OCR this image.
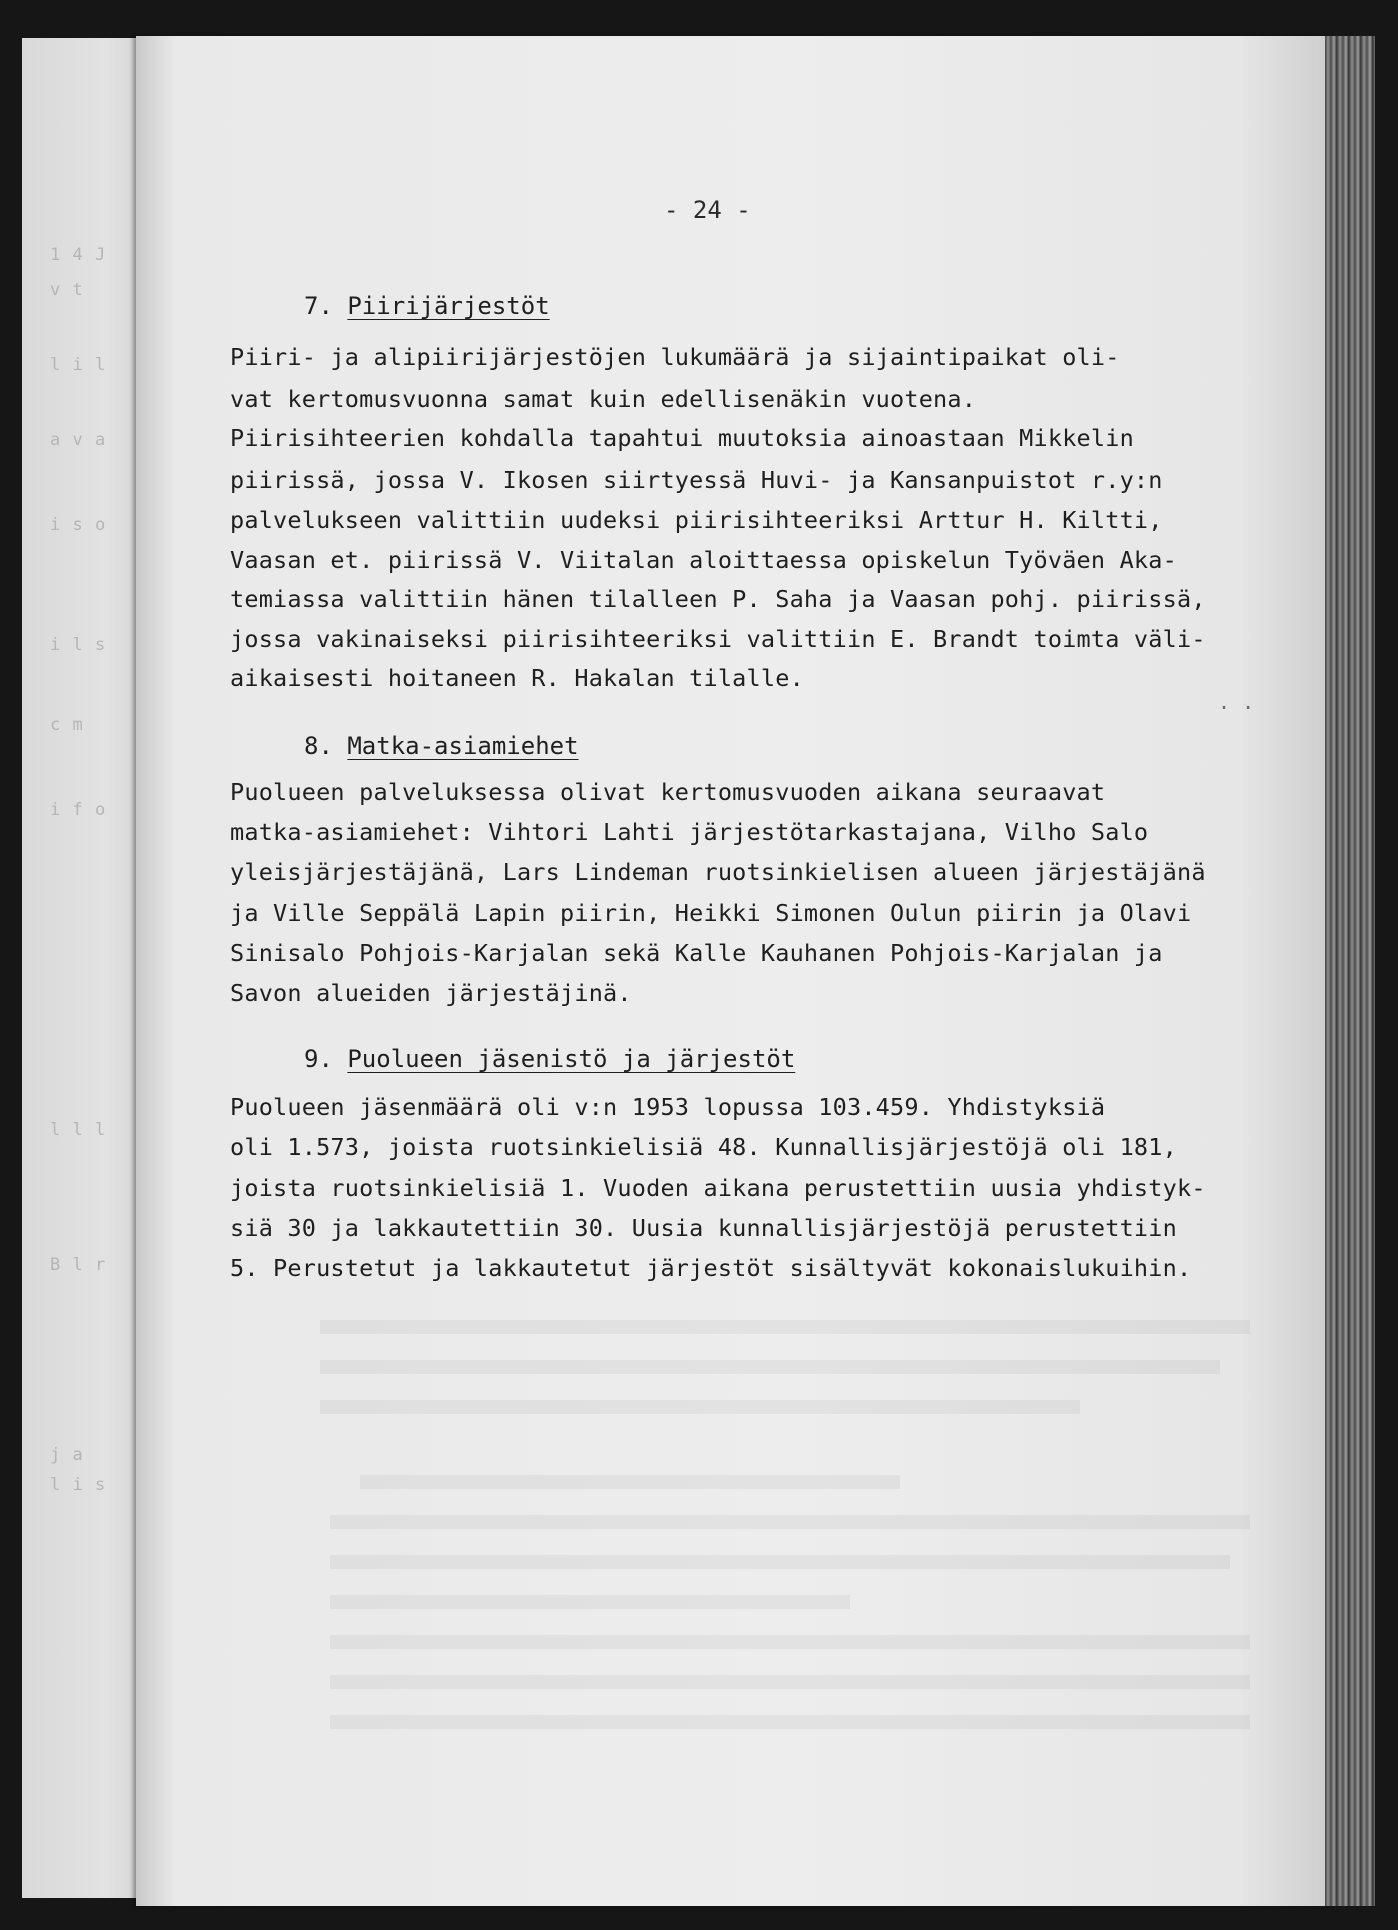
1 4 J
v t
l i l
a v a
i s o
i l s
c m
i f o
l l l
B l r
j a
l i s
- 24 -
7. Piirijärjestöt
Piiri- ja alipiirijärjestöjen lukumäärä ja sijaintipaikat oli-
vat kertomusvuonna samat kuin edellisenäkin vuotena.
Piirisihteerien kohdalla tapahtui muutoksia ainoastaan Mikkelin
piirissä, jossa V. Ikosen siirtyessä Huvi- ja Kansanpuistot r.y:n
palvelukseen valittiin uudeksi piirisihteeriksi Arttur H. Kiltti,
Vaasan et. piirissä V. Viitalan aloittaessa opiskelun Työväen Aka-
temiassa valittiin hänen tilalleen P. Saha ja Vaasan pohj. piirissä,
jossa vakinaiseksi piirisihteeriksi valittiin E. Brandt toimta väli-
aikaisesti hoitaneen R. Hakalan tilalle.
. .
8. Matka-asiamiehet
Puolueen palveluksessa olivat kertomusvuoden aikana seuraavat
matka-asiamiehet: Vihtori Lahti järjestötarkastajana, Vilho Salo
yleisjärjestäjänä, Lars Lindeman ruotsinkielisen alueen järjestäjänä
ja Ville Seppälä Lapin piirin, Heikki Simonen Oulun piirin ja Olavi
Sinisalo Pohjois-Karjalan sekä Kalle Kauhanen Pohjois-Karjalan ja
Savon alueiden järjestäjinä.
9. Puolueen jäsenistö ja järjestöt
Puolueen jäsenmäärä oli v:n 1953 lopussa 103.459. Yhdistyksiä
oli 1.573, joista ruotsinkielisiä 48. Kunnallisjärjestöjä oli 181,
joista ruotsinkielisiä 1. Vuoden aikana perustettiin uusia yhdistyk-
siä 30 ja lakkautettiin 30. Uusia kunnallisjärjestöjä perustettiin
5. Perustetut ja lakkautetut järjestöt sisältyvät kokonaislukuihin.
